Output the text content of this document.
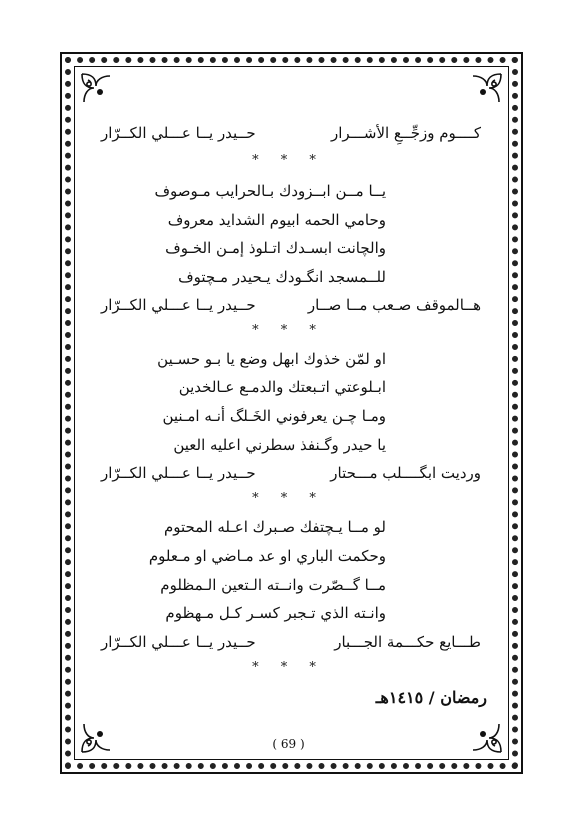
كــــوم وزجِّــعِ الأشـــرار
حــيدر يــا عـــلي الكــرّار
* * *
يــا مــن ابــزودك بـالحرايب مـوصوف
وحامي الحمه ابيوم الشدايد معروف
والچانت ابسـدك اتـلوذ إمـن الخـوف
للــمسجد انگـودك يـحيدر مـچتوف
هــالموقف صـعب مــا صــار
حــيدر يــا عـــلي الكــرّار
* * *
او لمّن خذوك ابهل وضع يا بـو حسـين
ابـلوعتي اتـبعتك والدمـع عـالخدين
ومـا چـن يعرفوني الخَـلگ أنـه امـنين
يا حيدر وگـنفذ سطرني اعليه العين
ورديت ابگــــلب مـــحتار
حــيدر يــا عـــلي الكــرّار
* * *
لو مــا يـچتفك صـبرك اعـله المحتوم
وحكمت الباري او عد مـاضي او مـعلوم
مــا گــصّرت وانــته الـتعين الـمظلوم
وانـته الذي تـجبر كسـر كـل مـهظوم
طـــايع حكـــمة الجـــبار
حــيدر يــا عـــلي الكــرّار
* * *
رمضان / ١٤١٥هـ
( 69 )
